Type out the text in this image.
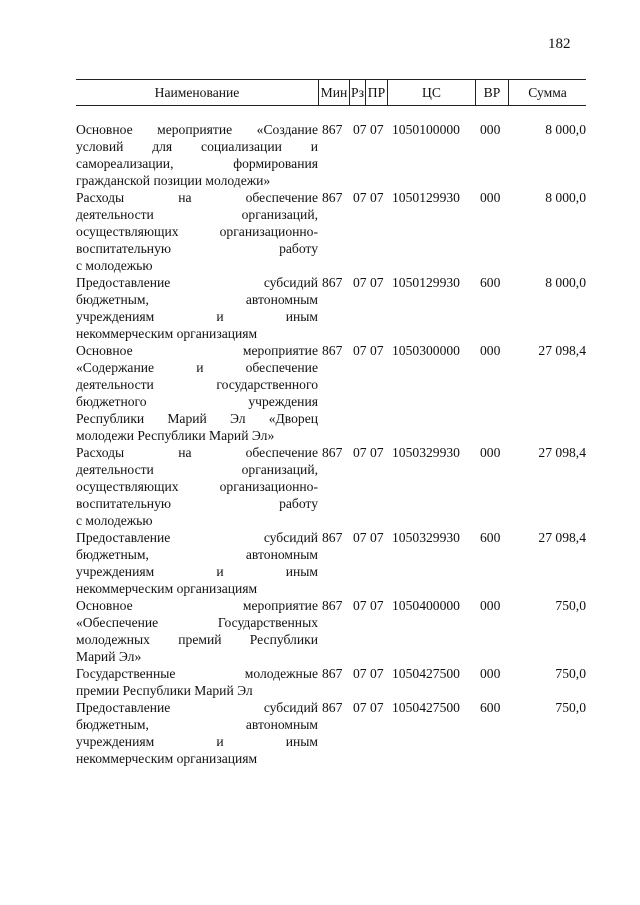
182
Наименование	Мин Рз ПР	ЦС	ВР	Сумма
Основное мероприятие «Создание
условий для социализации и
самореализации, формирования
гражданской позиции молодежи»
867 07 07 1050100000	000	8 000,0
Расходы на обеспечение
деятельности организаций,
осуществляющих организационно-
воспитательную работу
с молодежью
867 07 07 1050129930	000	8 000,0
Предоставление субсидий
бюджетным, автономным
учреждениям и иным
некоммерческим организациям
867 07 07 1050129930	600	8 000,0
Основное мероприятие
«Содержание и обеспечение
деятельности государственного
бюджетного учреждения
Республики Марий Эл «Дворец
молодежи Республики Марий Эл»
867 07 07 1050300000	000	27 098,4
Расходы на обеспечение
деятельности организаций,
осуществляющих организационно-
воспитательную работу
с молодежью
867 07 07 1050329930	000	27 098,4
Предоставление субсидий
бюджетным, автономным
учреждениям и иным
некоммерческим организациям
867 07 07 1050329930	600	27 098,4
Основное мероприятие
«Обеспечение Государственных
молодежных премий Республики
Марий Эл»
867 07 07 1050400000	000	750,0
Государственные молодежные
премии Республики Марий Эл
867 07 07 1050427500	000	750,0
Предоставление субсидий
бюджетным, автономным
учреждениям и иным
некоммерческим организациям
867 07 07 1050427500	600	750,0
